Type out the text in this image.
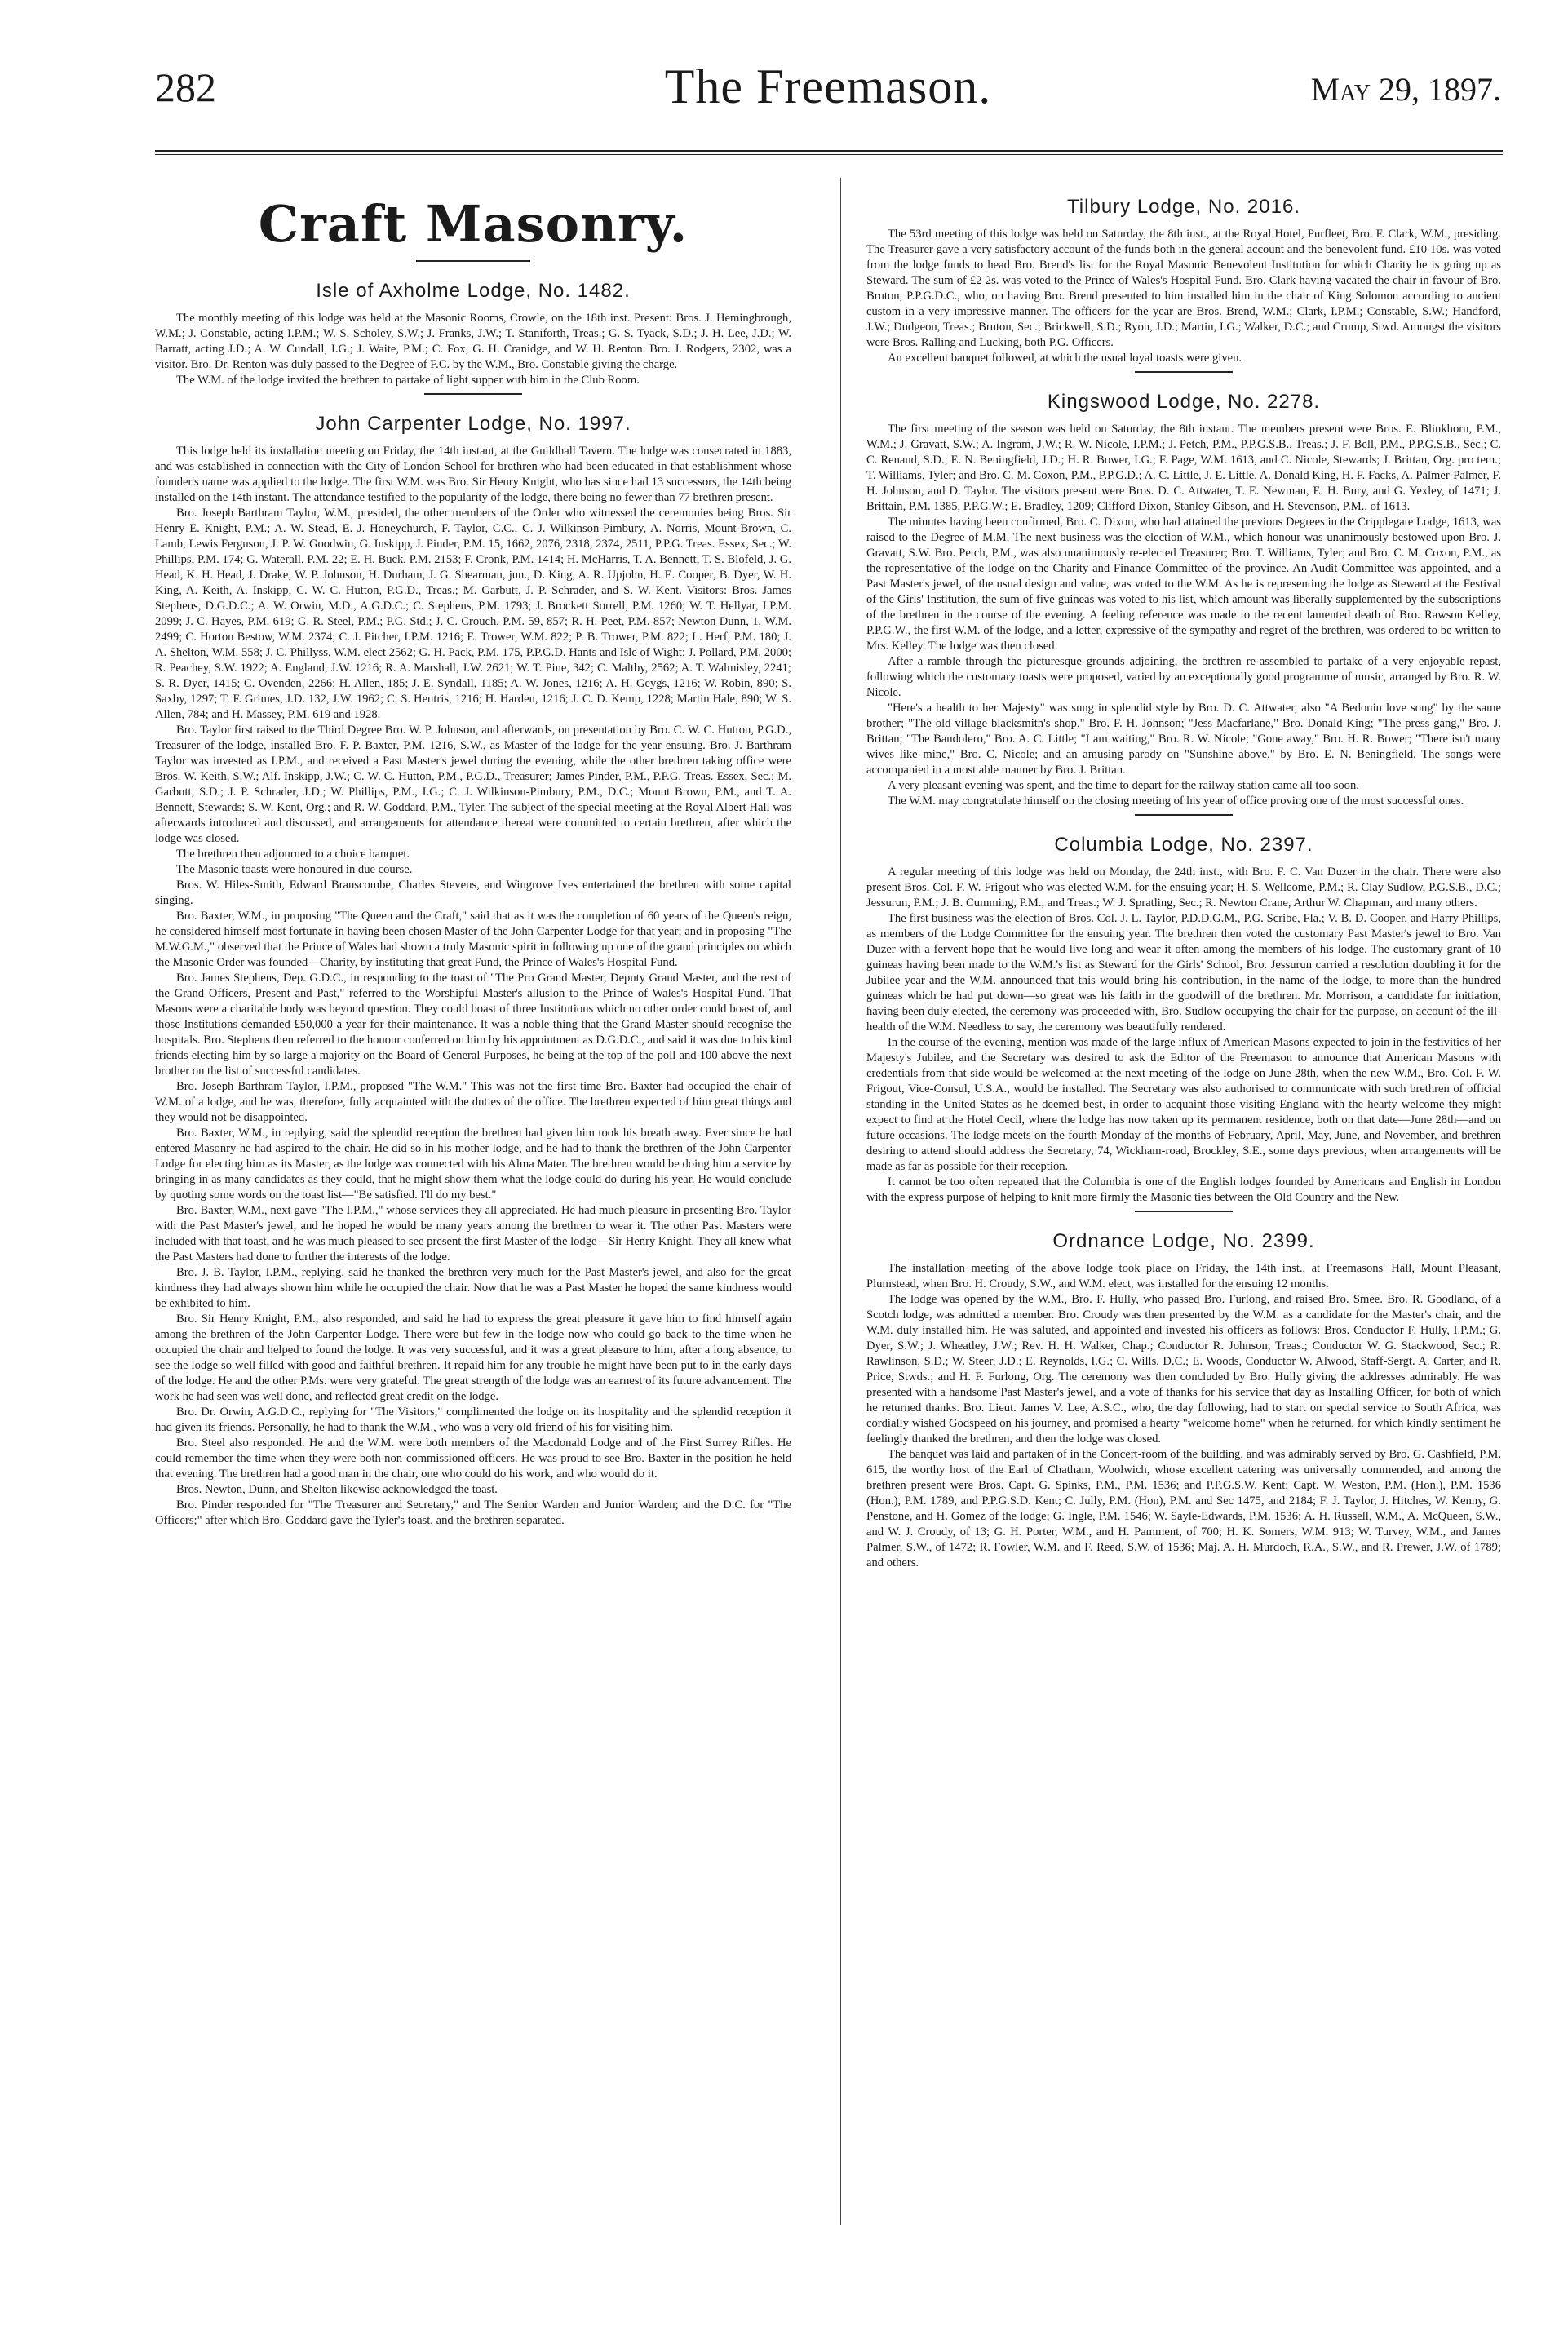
282	The Freemason.	May 29, 1897.
Craft Masonry.
Isle of Axholme Lodge, No. 1482.

The monthly meeting of this lodge was held at the Masonic Rooms, Crowle, on the 18th inst. Present: Bros. J. Hemingbrough, W.M.; J. Constable, acting I.P.M.; W. S. Scholey, S.W.; J. Franks, J.W.; T. Staniforth, Treas.; G. S. Tyack, S.D.; J. H. Lee, J.D.; W. Barratt, acting J.D.; A. W. Cundall, I.G.; J. Waite, P.M.; C. Fox, G. H. Cranidge, and W. H. Renton. Bro. J. Rodgers, 2302, was a visitor. Bro. Dr. Renton was duly passed to the Degree of F.C. by the W.M., Bro. Constable giving the charge.

The W.M. of the lodge invited the brethren to partake of light supper with him in the Club Room.

John Carpenter Lodge, No. 1997.

This lodge held its installation meeting on Friday, the 14th instant, at the Guildhall Tavern. The lodge was consecrated in 1883, and was established in connection with the City of London School for brethren who had been educated in that establishment whose founder's name was applied to the lodge. The first W.M. was Bro. Sir Henry Knight, who has since had 13 successors, the 14th being installed on the 14th instant. The attendance testified to the popularity of the lodge, there being no fewer than 77 brethren present.

Bro. Joseph Barthram Taylor, W.M., presided, the other members of the Order who witnessed the ceremonies being Bros. Sir Henry E. Knight, P.M.; A. W. Stead, E. J. Honeychurch, F. Taylor, C.C., C. J. Wilkinson-Pimbury, A. Norris, Mount-Brown, C. Lamb, Lewis Ferguson, J. P. W. Goodwin, G. Inskipp, J. Pinder, P.M. 15, 1662, 2076, 2318, 2374, 2511, P.P.G. Treas. Essex, Sec.; W. Phillips, P.M. 174; G. Waterall, P.M. 22; E. H. Buck, P.M. 2153; F. Cronk, P.M. 1414; H. McHarris, T. A. Bennett, T. S. Blofeld, J. G. Head, K. H. Head, J. Drake, W. P. Johnson, H. Durham, J. G. Shearman, jun., D. King, A. R. Upjohn, H. E. Cooper, B. Dyer, W. H. King, A. Keith, A. Inskipp, C. W. C. Hutton, P.G.D., Treas.; M. Garbutt, J. P. Schrader, and S. W. Kent. Visitors: Bros. James Stephens, D.G.D.C.; A. W. Orwin, M.D., A.G.D.C.; C. Stephens, P.M. 1793; J. Brockett Sorrell, P.M. 1260; W. T. Hellyar, I.P.M. 2099; J. C. Hayes, P.M. 619; G. R. Steel, P.M.; P.G. Std.; J. C. Crouch, P.M. 59, 857; R. H. Peet, P.M. 857; Newton Dunn, 1, W.M. 2499; C. Horton Bestow, W.M. 2374; C. J. Pitcher, I.P.M. 1216; E. Trower, W.M. 822; P. B. Trower, P.M. 822; L. Herf, P.M. 180; J. A. Shelton, W.M. 558; J. C. Phillyss, W.M. elect 2562; G. H. Pack, P.M. 175, P.P.G.D. Hants and Isle of Wight; J. Pollard, P.M. 2000; R. Peachey, S.W. 1922; A. England, J.W. 1216; R. A. Marshall, J.W. 2621; W. T. Pine, 342; C. Maltby, 2562; A. T. Walmisley, 2241; S. R. Dyer, 1415; C. Ovenden, 2266; H. Allen, 185; J. E. Syndall, 1185; A. W. Jones, 1216; A. H. Geygs, 1216; W. Robin, 890; S. Saxby, 1297; T. F. Grimes, J.D. 132, J.W. 1962; C. S. Hentris, 1216; H. Harden, 1216; J. C. D. Kemp, 1228; Martin Hale, 890; W. S. Allen, 784; and H. Massey, P.M. 619 and 1928.

Bro. Taylor first raised to the Third Degree Bro. W. P. Johnson, and afterwards, on presentation by Bro. C. W. C. Hutton, P.G.D., Treasurer of the lodge, installed Bro. F. P. Baxter, P.M. 1216, S.W., as Master of the lodge for the year ensuing. Bro. J. Barthram Taylor was invested as I.P.M., and received a Past Master's jewel during the evening, while the other brethren taking office were Bros. W. Keith, S.W.; Alf. Inskipp, J.W.; C. W. C. Hutton, P.M., P.G.D., Treasurer; James Pinder, P.M., P.P.G. Treas. Essex, Sec.; M. Garbutt, S.D.; J. P. Schrader, J.D.; W. Phillips, P.M., I.G.; C. J. Wilkinson-Pimbury, P.M., D.C.; Mount Brown, P.M., and T. A. Bennett, Stewards; S. W. Kent, Org.; and R. W. Goddard, P.M., Tyler. The subject of the special meeting at the Royal Albert Hall was afterwards introduced and discussed, and arrangements for attendance thereat were committed to certain brethren, after which the lodge was closed.

The brethren then adjourned to a choice banquet.

The Masonic toasts were honoured in due course.

Bros. W. Hiles-Smith, Edward Branscombe, Charles Stevens, and Wingrove Ives entertained the brethren with some capital singing.

Bro. Baxter, W.M., in proposing "The Queen and the Craft," said that as it was the completion of 60 years of the Queen's reign, he considered himself most fortunate in having been chosen Master of the John Carpenter Lodge for that year; and in proposing "The M.W.G.M.," observed that the Prince of Wales had shown a truly Masonic spirit in following up one of the grand principles on which the Masonic Order was founded—Charity, by instituting that great Fund, the Prince of Wales's Hospital Fund.

Bro. James Stephens, Dep. G.D.C., in responding to the toast of "The Pro Grand Master, Deputy Grand Master, and the rest of the Grand Officers, Present and Past," referred to the Worshipful Master's allusion to the Prince of Wales's Hospital Fund. That Masons were a charitable body was beyond question. They could boast of three Institutions which no other order could boast of, and those Institutions demanded £50,000 a year for their maintenance. It was a noble thing that the Grand Master should recognise the hospitals. Bro. Stephens then referred to the honour conferred on him by his appointment as D.G.D.C., and said it was due to his kind friends electing him by so large a majority on the Board of General Purposes, he being at the top of the poll and 100 above the next brother on the list of successful candidates.

Bro. Joseph Barthram Taylor, I.P.M., proposed "The W.M." This was not the first time Bro. Baxter had occupied the chair of W.M. of a lodge, and he was, therefore, fully acquainted with the duties of the office. The brethren expected of him great things and they would not be disappointed.

Bro. Baxter, W.M., in replying, said the splendid reception the brethren had given him took his breath away. Ever since he had entered Masonry he had aspired to the chair. He did so in his mother lodge, and he had to thank the brethren of the John Carpenter Lodge for electing him as its Master, as the lodge was connected with his Alma Mater. The brethren would be doing him a service by bringing in as many candidates as they could, that he might show them what the lodge could do during his year. He would conclude by quoting some words on the toast list—"Be satisfied. I'll do my best."

Bro. Baxter, W.M., next gave "The I.P.M.," whose services they all appreciated. He had much pleasure in presenting Bro. Taylor with the Past Master's jewel, and he hoped he would be many years among the brethren to wear it. The other Past Masters were included with that toast, and he was much pleased to see present the first Master of the lodge—Sir Henry Knight. They all knew what the Past Masters had done to further the interests of the lodge.

Bro. J. B. Taylor, I.P.M., replying, said he thanked the brethren very much for the Past Master's jewel, and also for the great kindness they had always shown him while he occupied the chair. Now that he was a Past Master he hoped the same kindness would be exhibited to him.

Bro. Sir Henry Knight, P.M., also responded, and said he had to express the great pleasure it gave him to find himself again among the brethren of the John Carpenter Lodge. There were but few in the lodge now who could go back to the time when he occupied the chair and helped to found the lodge. It was very successful, and it was a great pleasure to him, after a long absence, to see the lodge so well filled with good and faithful brethren. It repaid him for any trouble he might have been put to in the early days of the lodge. He and the other P.Ms. were very grateful. The great strength of the lodge was an earnest of its future advancement. The work he had seen was well done, and reflected great credit on the lodge.

Bro. Dr. Orwin, A.G.D.C., replying for "The Visitors," complimented the lodge on its hospitality and the splendid reception it had given its friends. Personally, he had to thank the W.M., who was a very old friend of his for visiting him.

Bro. Steel also responded. He and the W.M. were both members of the Macdonald Lodge and of the First Surrey Rifles. He could remember the time when they were both non-commissioned officers. He was proud to see Bro. Baxter in the position he held that evening. The brethren had a good man in the chair, one who could do his work, and who would do it.

Bros. Newton, Dunn, and Shelton likewise acknowledged the toast.

Bro. Pinder responded for "The Treasurer and Secretary," and The Senior Warden and Junior Warden; and the D.C. for "The Officers;" after which Bro. Goddard gave the Tyler's toast, and the brethren separated.

Tilbury Lodge, No. 2016.

The 53rd meeting of this lodge was held on Saturday, the 8th inst., at the Royal Hotel, Purfleet, Bro. F. Clark, W.M., presiding. The Treasurer gave a very satisfactory account of the funds both in the general account and the benevolent fund. £10 10s. was voted from the lodge funds to head Bro. Brend's list for the Royal Masonic Benevolent Institution for which Charity he is going up as Steward. The sum of £2 2s. was voted to the Prince of Wales's Hospital Fund. Bro. Clark having vacated the chair in favour of Bro. Bruton, P.P.G.D.C., who, on having Bro. Brend presented to him installed him in the chair of King Solomon according to ancient custom in a very impressive manner. The officers for the year are Bros. Brend, W.M.; Clark, I.P.M.; Constable, S.W.; Handford, J.W.; Dudgeon, Treas.; Bruton, Sec.; Brickwell, S.D.; Ryon, J.D.; Martin, I.G.; Walker, D.C.; and Crump, Stwd. Amongst the visitors were Bros. Ralling and Lucking, both P.G. Officers.

An excellent banquet followed, at which the usual loyal toasts were given.

Kingswood Lodge, No. 2278.

The first meeting of the season was held on Saturday, the 8th instant. The members present were Bros. E. Blinkhorn, P.M., W.M.; J. Gravatt, S.W.; A. Ingram, J.W.; R. W. Nicole, I.P.M.; J. Petch, P.M., P.P.G.S.B., Treas.; J. F. Bell, P.M., P.P.G.S.B., Sec.; C. C. Renaud, S.D.; E. N. Beningfield, J.D.; H. R. Bower, I.G.; F. Page, W.M. 1613, and C. Nicole, Stewards; J. Brittan, Org. pro tem.; T. Williams, Tyler; and Bro. C. M. Coxon, P.M., P.P.G.D.; A. C. Little, J. E. Little, A. Donald King, H. F. Facks, A. Palmer-Palmer, F. H. Johnson, and D. Taylor. The visitors present were Bros. D. C. Attwater, T. E. Newman, E. H. Bury, and G. Yexley, of 1471; J. Brittain, P.M. 1385, P.P.G.W.; E. Bradley, 1209; Clifford Dixon, Stanley Gibson, and H. Stevenson, P.M., of 1613.

The minutes having been confirmed, Bro. C. Dixon, who had attained the previous Degrees in the Cripplegate Lodge, 1613, was raised to the Degree of M.M. The next business was the election of W.M., which honour was unanimously bestowed upon Bro. J. Gravatt, S.W. Bro. Petch, P.M., was also unanimously re-elected Treasurer; Bro. T. Williams, Tyler; and Bro. C. M. Coxon, P.M., as the representative of the lodge on the Charity and Finance Committee of the province. An Audit Committee was appointed, and a Past Master's jewel, of the usual design and value, was voted to the W.M. As he is representing the lodge as Steward at the Festival of the Girls' Institution, the sum of five guineas was voted to his list, which amount was liberally supplemented by the subscriptions of the brethren in the course of the evening. A feeling reference was made to the recent lamented death of Bro. Rawson Kelley, P.P.G.W., the first W.M. of the lodge, and a letter, expressive of the sympathy and regret of the brethren, was ordered to be written to Mrs. Kelley. The lodge was then closed.

After a ramble through the picturesque grounds adjoining, the brethren re-assembled to partake of a very enjoyable repast, following which the customary toasts were proposed, varied by an exceptionally good programme of music, arranged by Bro. R. W. Nicole.

"Here's a health to her Majesty" was sung in splendid style by Bro. D. C. Attwater, also "A Bedouin love song" by the same brother; "The old village blacksmith's shop," Bro. F. H. Johnson; "Jess Macfarlane," Bro. Donald King; "The press gang," Bro. J. Brittan; "The Bandolero," Bro. A. C. Little; "I am waiting," Bro. R. W. Nicole; "Gone away," Bro. H. R. Bower; "There isn't many wives like mine," Bro. C. Nicole; and an amusing parody on "Sunshine above," by Bro. E. N. Beningfield. The songs were accompanied in a most able manner by Bro. J. Brittan.

A very pleasant evening was spent, and the time to depart for the railway station came all too soon.

The W.M. may congratulate himself on the closing meeting of his year of office proving one of the most successful ones.

Columbia Lodge, No. 2397.

A regular meeting of this lodge was held on Monday, the 24th inst., with Bro. F. C. Van Duzer in the chair. There were also present Bros. Col. F. W. Frigout who was elected W.M. for the ensuing year; H. S. Wellcome, P.M.; R. Clay Sudlow, P.G.S.B., D.C.; Jessurun, P.M.; J. B. Cumming, P.M., and Treas.; W. J. Spratling, Sec.; R. Newton Crane, Arthur W. Chapman, and many others.

The first business was the election of Bros. Col. J. L. Taylor, P.D.D.G.M., P.G. Scribe, Fla.; V. B. D. Cooper, and Harry Phillips, as members of the Lodge Committee for the ensuing year. The brethren then voted the customary Past Master's jewel to Bro. Van Duzer with a fervent hope that he would live long and wear it often among the members of his lodge. The customary grant of 10 guineas having been made to the W.M.'s list as Steward for the Girls' School, Bro. Jessurun carried a resolution doubling it for the Jubilee year and the W.M. announced that this would bring his contribution, in the name of the lodge, to more than the hundred guineas which he had put down—so great was his faith in the goodwill of the brethren. Mr. Morrison, a candidate for initiation, having been duly elected, the ceremony was proceeded with, Bro. Sudlow occupying the chair for the purpose, on account of the ill-health of the W.M. Needless to say, the ceremony was beautifully rendered.

In the course of the evening, mention was made of the large influx of American Masons expected to join in the festivities of her Majesty's Jubilee, and the Secretary was desired to ask the Editor of the Freemason to announce that American Masons with credentials from that side would be welcomed at the next meeting of the lodge on June 28th, when the new W.M., Bro. Col. F. W. Frigout, Vice-Consul, U.S.A., would be installed. The Secretary was also authorised to communicate with such brethren of official standing in the United States as he deemed best, in order to acquaint those visiting England with the hearty welcome they might expect to find at the Hotel Cecil, where the lodge has now taken up its permanent residence, both on that date—June 28th—and on future occasions. The lodge meets on the fourth Monday of the months of February, April, May, June, and November, and brethren desiring to attend should address the Secretary, 74, Wickham-road, Brockley, S.E., some days previous, when arrangements will be made as far as possible for their reception.

It cannot be too often repeated that the Columbia is one of the English lodges founded by Americans and English in London with the express purpose of helping to knit more firmly the Masonic ties between the Old Country and the New.

Ordnance Lodge, No. 2399.

The installation meeting of the above lodge took place on Friday, the 14th inst., at Freemasons' Hall, Mount Pleasant, Plumstead, when Bro. H. Croudy, S.W., and W.M. elect, was installed for the ensuing 12 months.

The lodge was opened by the W.M., Bro. F. Hully, who passed Bro. Furlong, and raised Bro. Smee. Bro. R. Goodland, of a Scotch lodge, was admitted a member. Bro. Croudy was then presented by the W.M. as a candidate for the Master's chair, and the W.M. duly installed him. He was saluted, and appointed and invested his officers as follows: Bros. Conductor F. Hully, I.P.M.; G. Dyer, S.W.; J. Wheatley, J.W.; Rev. H. H. Walker, Chap.; Conductor R. Johnson, Treas.; Conductor W. G. Stackwood, Sec.; R. Rawlinson, S.D.; W. Steer, J.D.; E. Reynolds, I.G.; C. Wills, D.C.; E. Woods, Conductor W. Alwood, Staff-Sergt. A. Carter, and R. Price, Stwds.; and H. F. Furlong, Org. The ceremony was then concluded by Bro. Hully giving the addresses admirably. He was presented with a handsome Past Master's jewel, and a vote of thanks for his service that day as Installing Officer, for both of which he returned thanks. Bro. Lieut. James V. Lee, A.S.C., who, the day following, had to start on special service to South Africa, was cordially wished Godspeed on his journey, and promised a hearty "welcome home" when he returned, for which kindly sentiment he feelingly thanked the brethren, and then the lodge was closed.

The banquet was laid and partaken of in the Concert-room of the building, and was admirably served by Bro. G. Cashfield, P.M. 615, the worthy host of the Earl of Chatham, Woolwich, whose excellent catering was universally commended, and among the brethren present were Bros. Capt. G. Spinks, P.M., P.M. 1536; and P.P.G.S.W. Kent; Capt. W. Weston, P.M. (Hon.), P.M. 1536 (Hon.), P.M. 1789, and P.P.G.S.D. Kent; C. Jully, P.M. (Hon), P.M. and Sec 1475, and 2184; F. J. Taylor, J. Hitches, W. Kenny, G. Penstone, and H. Gomez of the lodge; G. Ingle, P.M. 1546; W. Sayle-Edwards, P.M. 1536; A. H. Russell, W.M., A. McQueen, S.W., and W. J. Croudy, of 13; G. H. Porter, W.M., and H. Pamment, of 700; H. K. Somers, W.M. 913; W. Turvey, W.M., and James Palmer, S.W., of 1472; R. Fowler, W.M. and F. Reed, S.W. of 1536; Maj. A. H. Murdoch, R.A., S.W., and R. Prewer, J.W. of 1789; and others.
